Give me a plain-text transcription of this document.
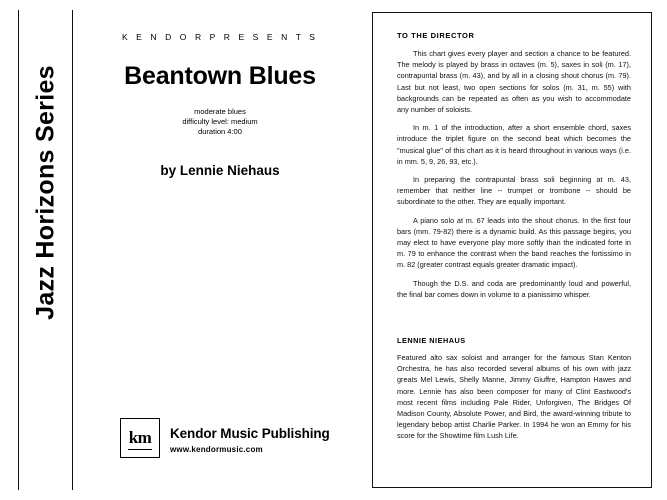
Jazz Horizons Series
K E N D O R P R E S E N T S
Beantown Blues
moderate blues
difficulty level: medium
duration 4:00
by Lennie Niehaus
km	Kendor Music Publishing
www.kendormusic.com
TO THE DIRECTOR

This chart gives every player and section a chance to be featured. The melody is played by brass in octaves (m. 5), saxes in soli (m. 17), contrapuntal brass (m. 43), and by all in a closing shout chorus (m. 79). Last but not least, two open sections for solos (m. 31, m. 55) with backgrounds can be repeated as often as you wish to accommodate any number of soloists.

In m. 1 of the introduction, after a short ensemble chord, saxes introduce the triplet figure on the second beat which becomes the "musical glue" of this chart as it is heard throughout in various ways (i.e. in mm. 5, 9, 26, 93, etc.).

In preparing the contrapuntal brass soli beginning at m. 43, remember that neither line -- trumpet or trombone -- should be subordinate to the other. They are equally important.

A piano solo at m. 67 leads into the shout chorus. In the first four bars (mm. 79-82) there is a dynamic build. As this passage begins, you may elect to have everyone play more softly than the indicated forte in m. 79 to enhance the contrast when the band reaches the fortissimo in m. 82 (greater contrast equals greater dramatic impact).

Though the D.S. and coda are predominantly loud and powerful, the final bar comes down in volume to a pianissimo whisper.

LENNIE NIEHAUS

Featured alto sax soloist and arranger for the famous Stan Kenton Orchestra, he has also recorded several albums of his own with jazz greats Mel Lewis, Shelly Manne, Jimmy Giuffre, Hampton Hawes and more. Lennie has also been composer for many of Clint Eastwood's most recent films including Pale Rider, Unforgiven, The Bridges Of Madison County, Absolute Power, and Bird, the award-winning tribute to legendary bebop artist Charlie Parker. In 1994 he won an Emmy for his score for the Showtime film Lush Life.
